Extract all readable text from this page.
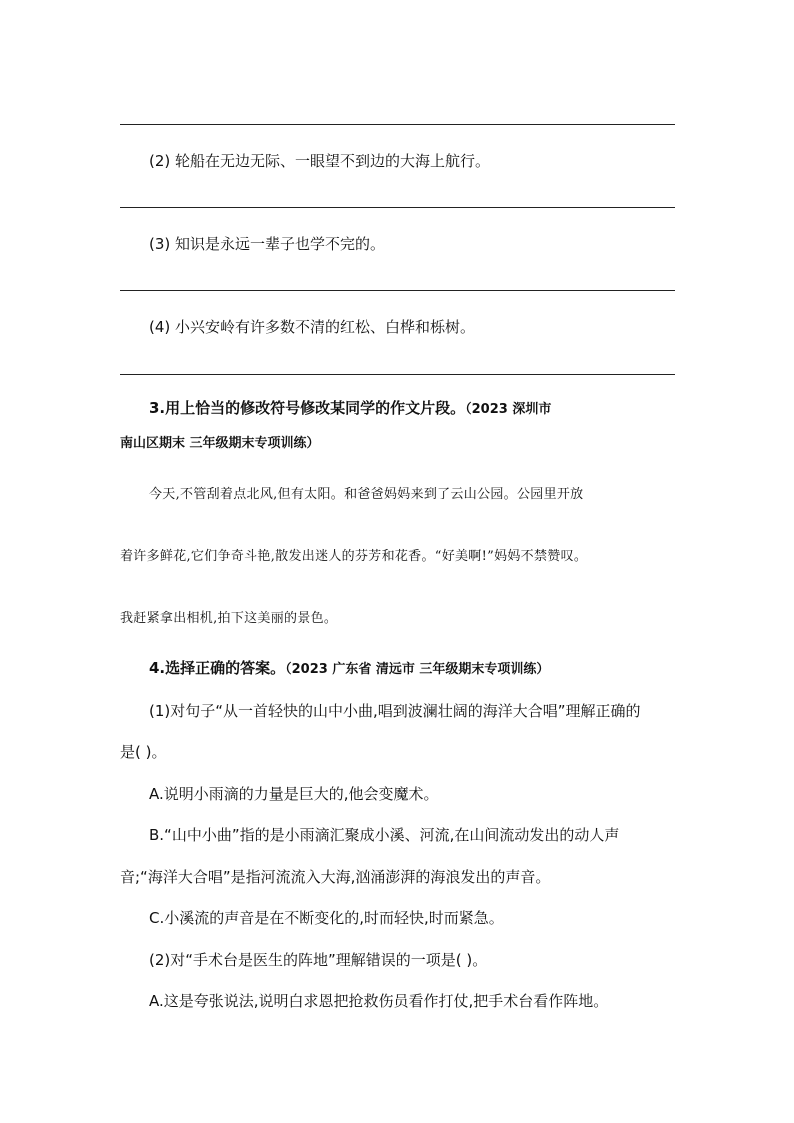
(2) 轮船在无边无际、一眼望不到边的大海上航行。
(3) 知识是永远一辈子也学不完的。
(4) 小兴安岭有许多数不清的红松、白桦和栎树。
3.用上恰当的修改符号修改某同学的作文片段。（2023 深圳市
南山区期末 三年级期末专项训练）
今天,不管刮着点北风,但有太阳。和爸爸妈妈来到了云山公园。公园里开放
着许多鲜花,它们争奇斗艳,散发出迷人的芬芳和花香。“好美啊!”妈妈不禁赞叹。
我赶紧拿出相机,拍下这美丽的景色。
4.选择正确的答案。（2023 广东省 清远市 三年级期末专项训练）
(1)对句子“从一首轻快的山中小曲,唱到波澜壮阔的海洋大合唱”理解正确的
是( )。
A.说明小雨滴的力量是巨大的,他会变魔术。
B.“山中小曲”指的是小雨滴汇聚成小溪、河流,在山间流动发出的动人声
音;“海洋大合唱”是指河流流入大海,汹涌澎湃的海浪发出的声音。
C.小溪流的声音是在不断变化的,时而轻快,时而紧急。
(2)对“手术台是医生的阵地”理解错误的一项是( )。
A.这是夸张说法,说明白求恩把抢救伤员看作打仗,把手术台看作阵地。
